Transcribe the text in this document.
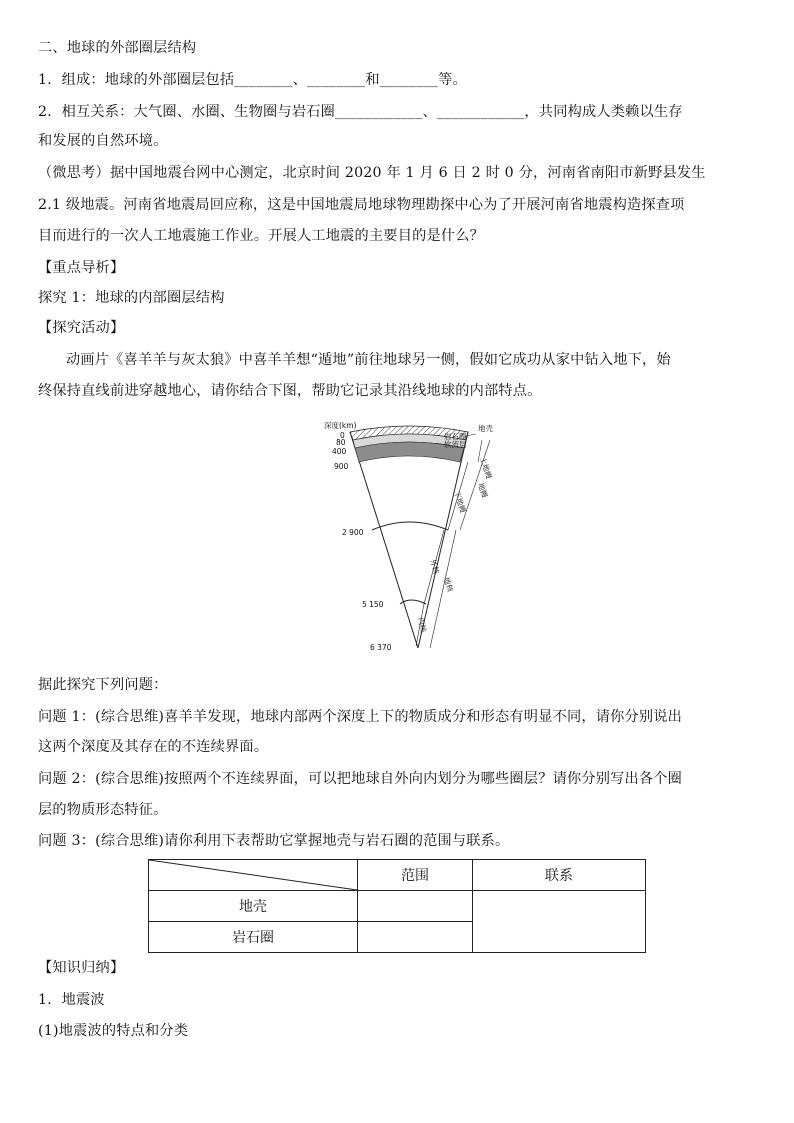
二、地球的外部圈层结构
1．组成：地球的外部圈层包括________、________和________等。
2．相互关系：大气圈、水圈、生物圈与岩石圈____________、____________，共同构成人类赖以生存
和发展的自然环境。
（微思考）据中国地震台网中心测定，北京时间 2020 年 1 月 6 日 2 时 0 分，河南省南阳市新野县发生
2.1 级地震。河南省地震局回应称，这是中国地震局地球物理勘探中心为了开展河南省地震构造探查项
目而进行的一次人工地震施工作业。开展人工地震的主要目的是什么？
【重点导析】
探究 1：地球的内部圈层结构
【探究活动】
动画片《喜羊羊与灰太狼》中喜羊羊想“遁地”前往地球另一侧，假如它成功从家中钻入地下，始
终保持直线前进穿越地心，请你结合下图，帮助它记录其沿线地球的内部特点。
深度(km)
0
80
400
900
2 900
5 150
6 370
地壳
岩石圈
软流层
上地幔
下地幔 地幔
外核
地核
内核
据此探究下列问题：
问题 1：(综合思维)喜羊羊发现，地球内部两个深度上下的物质成分和形态有明显不同，请你分别说出
这两个深度及其存在的不连续界面。
问题 2：(综合思维)按照两个不连续界面，可以把地球自外向内划分为哪些圈层？请你分别写出各个圈
层的物质形态特征。
问题 3：(综合思维)请你利用下表帮助它掌握地壳与岩石圈的范围与联系。
	范围	联系
地壳		
岩石圈		
【知识归纳】
1．地震波
(1)地震波的特点和分类
